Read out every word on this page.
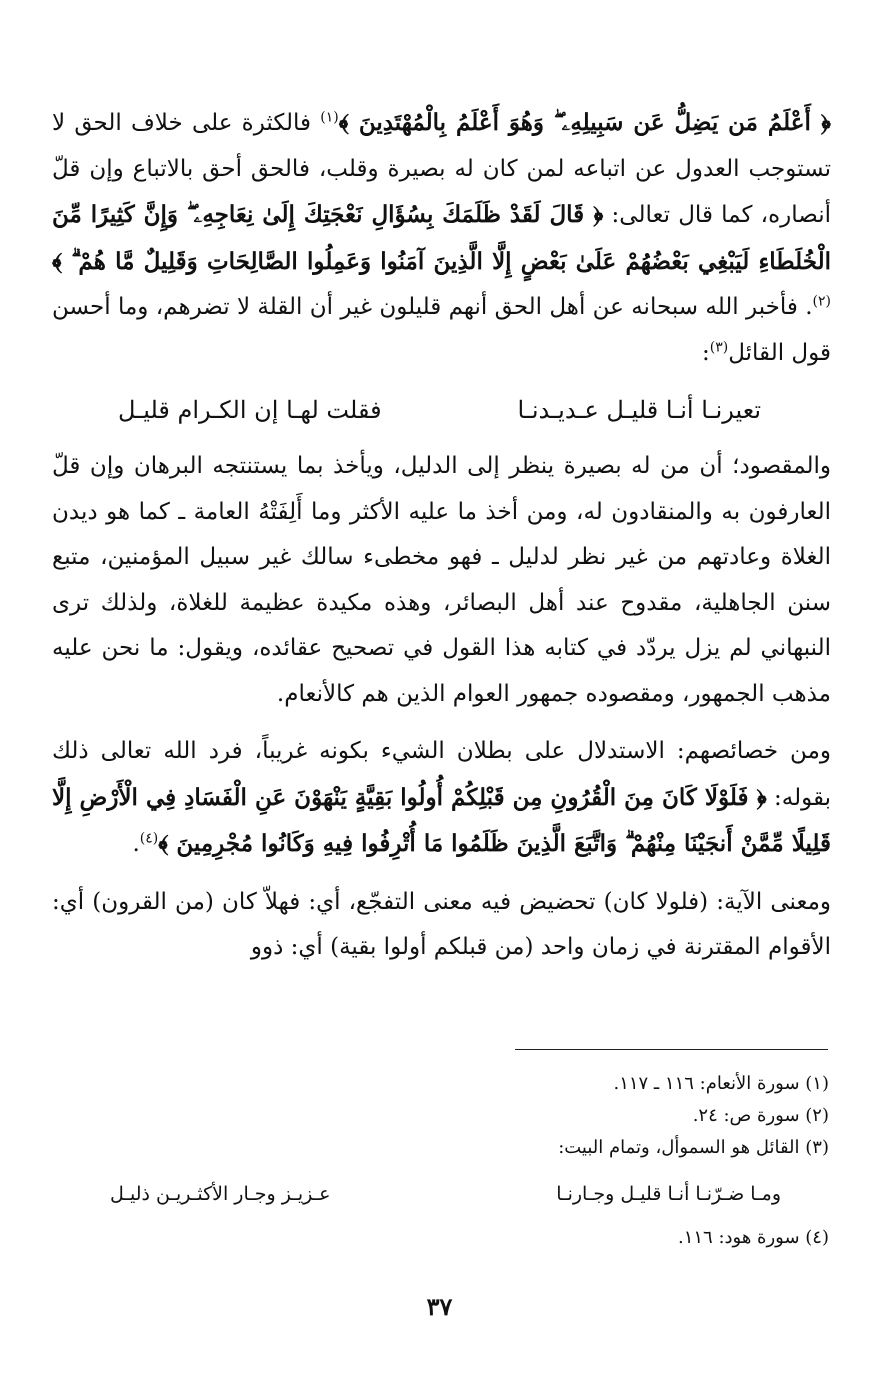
﴿ أَعْلَمُ مَن يَضِلُّ عَن سَبِيلِهِۦ ۖ وَهُوَ أَعْلَمُ بِالْمُهْتَدِينَ ﴾$^{(١)}$ فالكثرة على خلاف الحق لا تستوجب العدول عن اتباعه لمن كان له بصيرة وقلب، فالحق أحق بالاتباع وإن قلّ أنصاره، كما قال تعالى: ﴿ قَالَ لَقَدْ ظَلَمَكَ بِسُؤَالِ نَعْجَتِكَ إِلَىٰ نِعَاجِهِۦ ۖ وَإِنَّ كَثِيرًا مِّنَ الْخُلَطَاءِ لَيَبْغِي بَعْضُهُمْ عَلَىٰ بَعْضٍ إِلَّا الَّذِينَ آمَنُوا وَعَمِلُوا الصَّالِحَاتِ وَقَلِيلٌ مَّا هُمْ ۗ ﴾$^{(٢)}$. فأخبر الله سبحانه عن أهل الحق أنهم قليلون غير أن القلة لا تضرهم، وما أحسن قول القائل$^{(٣)}$:

تعيرنـا أنـا قليـل عـديـدنـا
فقلت لهـا إن الكـرام قليـل

والمقصود؛ أن من له بصيرة ينظر إلى الدليل، ويأخذ بما يستنتجه البرهان وإن قلّ العارفون به والمنقادون له، ومن أخذ ما عليه الأكثر وما أَلِفَتْهُ العامة ـ كما هو ديدن الغلاة وعادتهم من غير نظر لدليل ـ فهو مخطىء سالك غير سبيل المؤمنين، متبع سنن الجاهلية، مقدوح عند أهل البصائر، وهذه مكيدة عظيمة للغلاة، ولذلك ترى النبهاني لم يزل يردّد في كتابه هذا القول في تصحيح عقائده، ويقول: ما نحن عليه مذهب الجمهور، ومقصوده جمهور العوام الذين هم كالأنعام.

ومن خصائصهم: الاستدلال على بطلان الشيء بكونه غريباً، فرد الله تعالى ذلك بقوله: ﴿ فَلَوْلَا كَانَ مِنَ الْقُرُونِ مِن قَبْلِكُمْ أُولُوا بَقِيَّةٍ يَنْهَوْنَ عَنِ الْفَسَادِ فِي الْأَرْضِ إِلَّا قَلِيلًا مِّمَّنْ أَنجَيْنَا مِنْهُمْ ۗ وَاتَّبَعَ الَّذِينَ ظَلَمُوا مَا أُتْرِفُوا فِيهِ وَكَانُوا مُجْرِمِينَ ﴾$^{(٤)}$.

ومعنى الآية: (فلولا كان) تحضيض فيه معنى التفجّع، أي: فهلاّ كان (من القرون) أي: الأقوام المقترنة في زمان واحد (من قبلكم أولوا بقية) أي: ذوو

(١) سورة الأنعام: ١١٦ ـ ١١٧.

(٢) سورة ص: ٢٤.

(٣) القائل هو السموأل، وتمام البيت:

ومـا ضـرّنـا أنـا قليـل وجـارنـا
عـزيـز وجـار الأكثـريـن ذليـل

(٤) سورة هود: ١١٦.

٣٧
